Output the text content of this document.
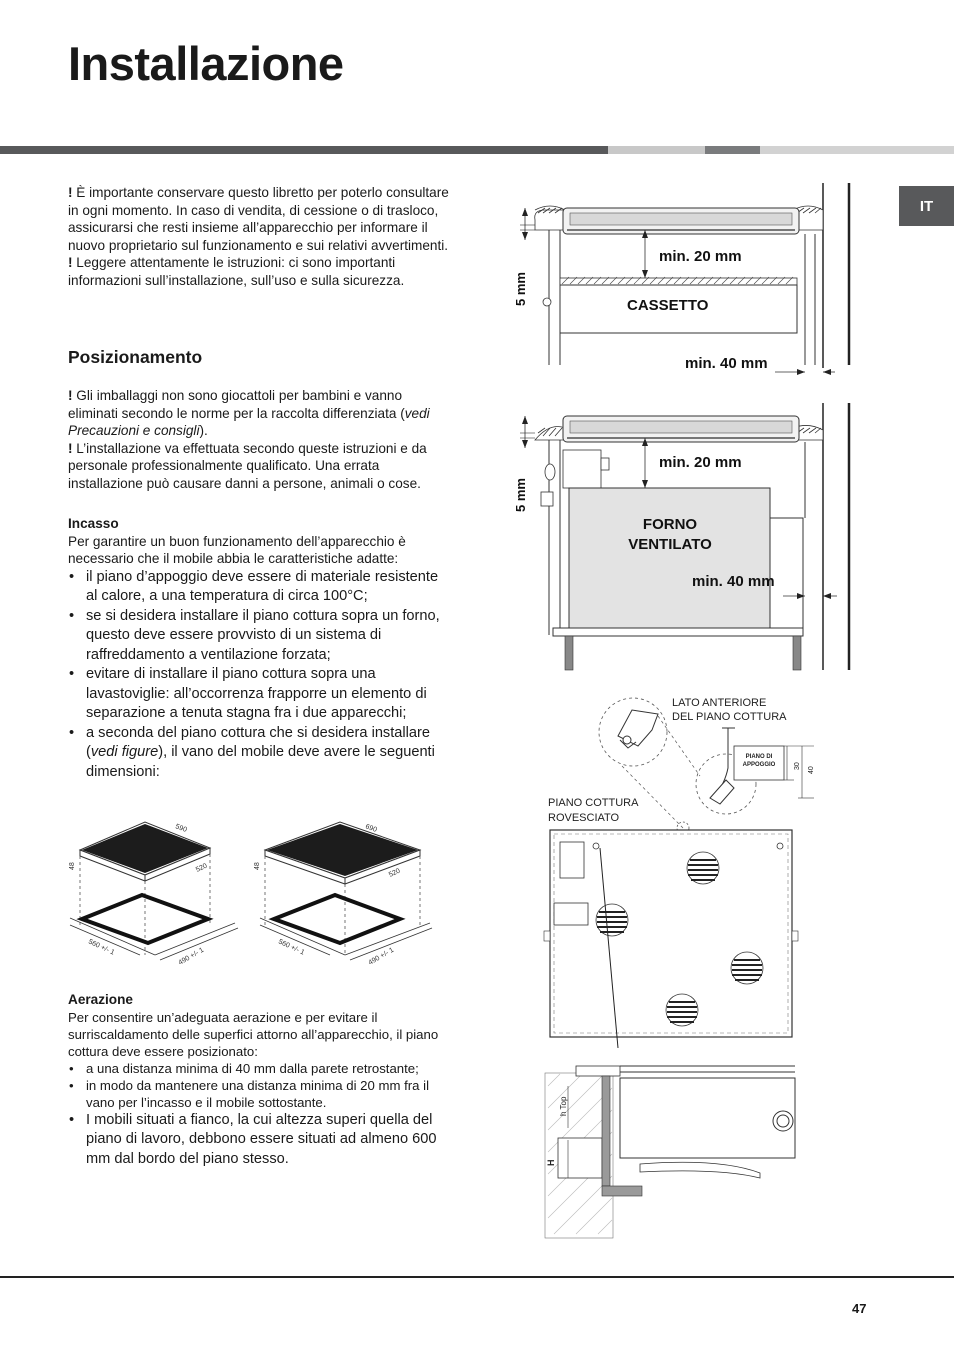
Installazione
IT

! È importante conservare questo libretto per poterlo consultare in ogni momento. In caso di vendita, di cessione o di trasloco, assicurarsi che resti insieme all’apparecchio per informare il nuovo proprietario sul funzionamento e sui relativi avvertimenti.

! Leggere attentamente le istruzioni: ci sono importanti informazioni sull’installazione, sull’uso e sulla sicurezza.

Posizionamento

! Gli imballaggi non sono giocattoli per bambini e vanno eliminati secondo le norme per la raccolta differenziata (vedi Precauzioni e consigli).

! L’installazione va effettuata secondo queste istruzioni e da personale professionalmente qualificato. Una errata installazione può causare danni a persone, animali o cose.

Incasso

Per garantire un buon funzionamento dell’apparecchio è necessario che il mobile abbia le caratteristiche adatte:

• il piano d’appoggio deve essere di materiale resistente al calore, a una temperatura di circa 100°C;
• se si desidera installare il piano cottura sopra un forno, questo deve essere provvisto di un sistema di raffreddamento a ventilazione forzata;
• evitare di installare il piano cottura sopra una lavastoviglie: all’occorrenza frapporre un elemento di separazione a tenuta stagna fra i due apparecchi;
• a seconda del piano cottura che si desidera installare (vedi figure), il vano del mobile deve avere le seguenti dimensioni:
590
520
48
560 +/- 1	490 +/- 1
690
520
48
560 +/- 1	490 +/- 1
Aerazione

Per consentire un’adeguata aerazione e per evitare il surriscaldamento delle superfici attorno all’apparecchio, il piano cottura deve essere posizionato:

• a una distanza minima di 40 mm dalla parete retrostante;
• in modo da mantenere una distanza minima di 20 mm fra il vano per l’incasso e il mobile sottostante.
• I mobili situati a fianco, la cui altezza superi quella del piano di lavoro, debbono essere situati ad almeno 600 mm dal bordo del piano stesso.
5 mm
min. 20 mm
CASSETTO
min. 40 mm
5 mm
min. 20 mm
FORNO
VENTILATO
min. 40 mm
LATO ANTERIORE
DEL PIANO COTTURA
PIANO DI
APPOGGIO	30
40
PIANO COTTURA
ROVESCIATO
h Top
H
47
